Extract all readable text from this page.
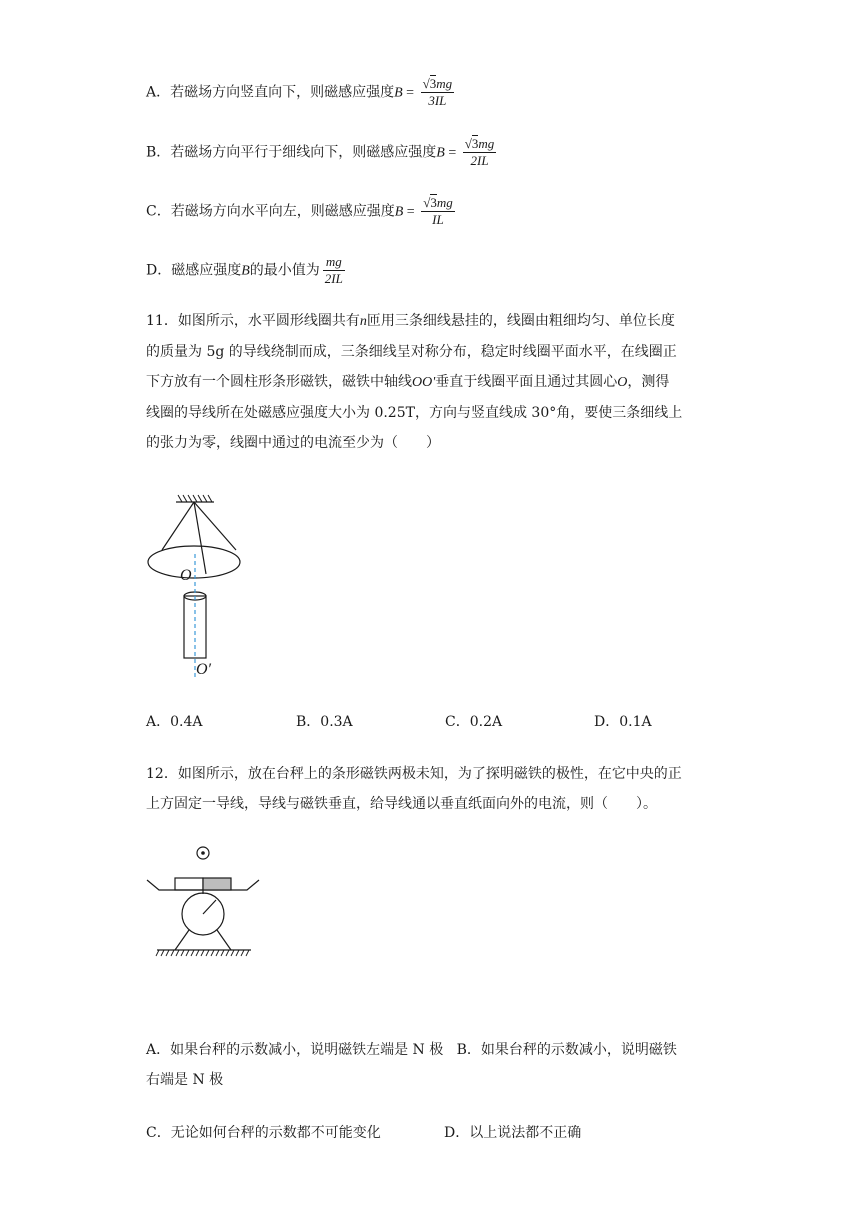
A．若磁场方向竖直向下，则磁感应强度$B = \frac{√3mg}{3IL}$
B．若磁场方向平行于细线向下，则磁感应强度$B = \frac{√3mg}{2IL}$
C．若磁场方向水平向左，则磁感应强度$B = \frac{√3mg}{IL}$
D．磁感应强度B的最小值为 $\frac{mg}{2IL}$

11．如图所示，水平圆形线圈共有n匝用三条细线悬挂的，线圈由粗细均匀、单位长度

的质量为 5g 的导线绕制而成，三条细线呈对称分布，稳定时线圈平面水平，在线圈正

下方放有一个圆柱形条形磁铁，磁铁中轴线OO'垂直于线圈平面且通过其圆心O，测得

线圈的导线所在处磁感应强度大小为 0.25T，方向与竖直线成 30°角，要使三条细线上

的张力为零，线圈中通过的电流至少为（　　）

O
O′
A．0.4A	B．0.3A	C．0.2A	D．0.1A

12．如图所示，放在台秤上的条形磁铁两极未知，为了探明磁铁的极性，在它中央的正

上方固定一导线，导线与磁铁垂直，给导线通以垂直纸面向外的电流，则（　　）。

A．如果台秤的示数减小，说明磁铁左端是 N 极 B．如果台秤的示数减小，说明磁铁

右端是 N 极

C．无论如何台秤的示数都不可能变化	D．以上说法都不正确
